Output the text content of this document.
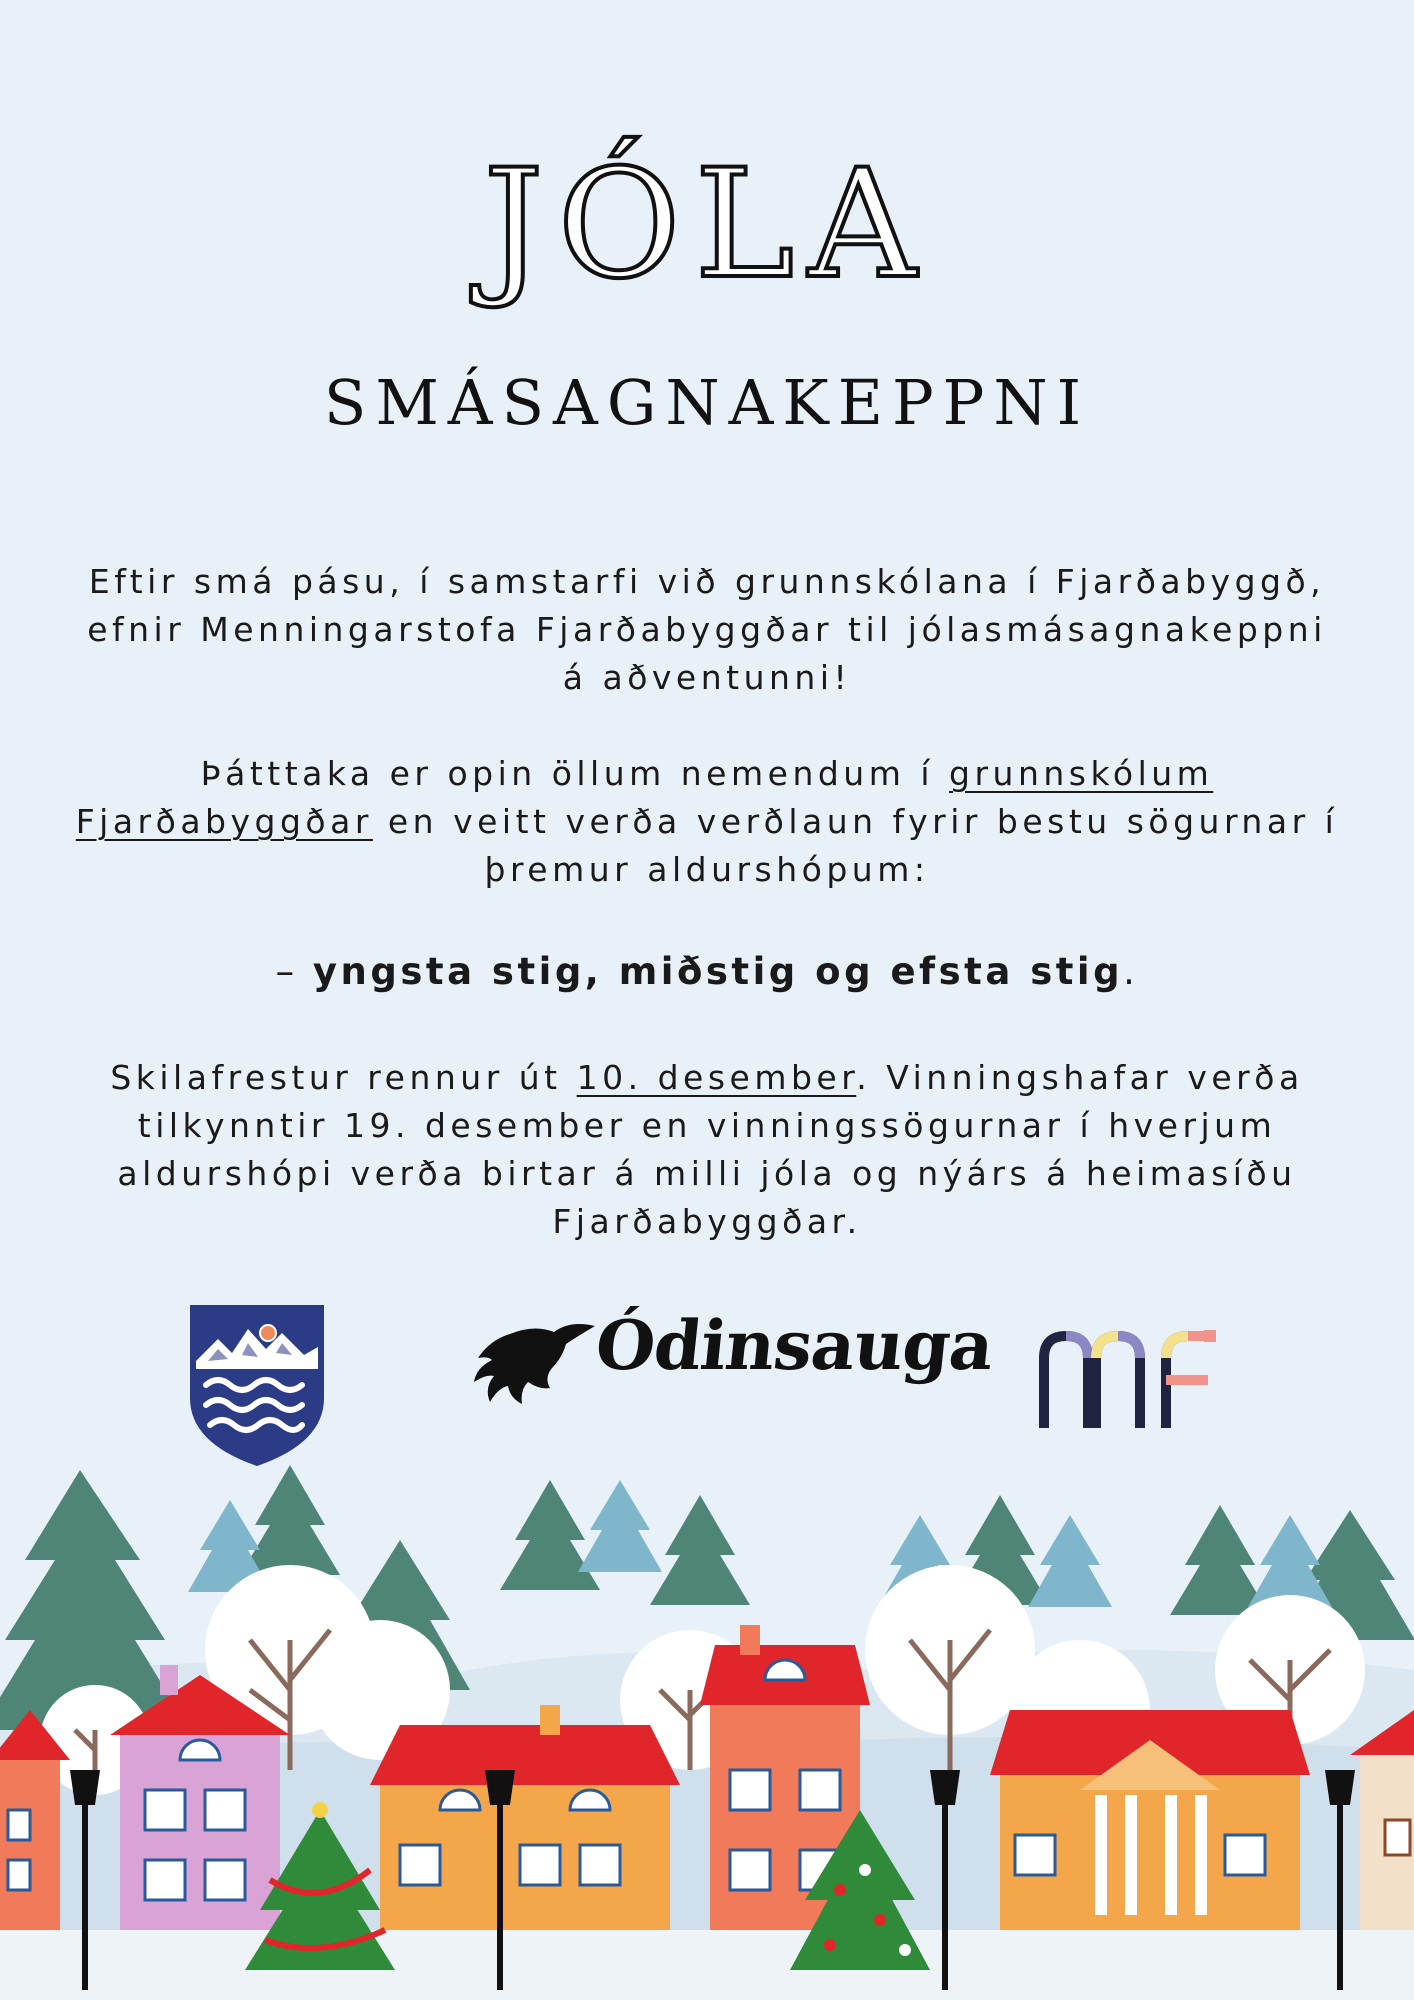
JÓLA
SMÁSAGNAKEPPNI
Eftir smá pásu, í samstarfi við grunnskólana í Fjarðabyggð,
efnir Menningarstofa Fjarðabyggðar til jólasmásagnakeppni
á aðventunni!
Þátttaka er opin öllum nemendum í grunnskólum
Fjarðabyggðar en veitt verða verðlaun fyrir bestu sögurnar í
þremur aldurshópum:
– yngsta stig, miðstig og efsta stig.
Skilafrestur rennur út 10. desember. Vinningshafar verða
tilkynntir 19. desember en vinningssögurnar í hverjum
aldurshópi verða birtar á milli jóla og nýárs á heimasíðu
Fjarðabyggðar.
Ódinsauga
